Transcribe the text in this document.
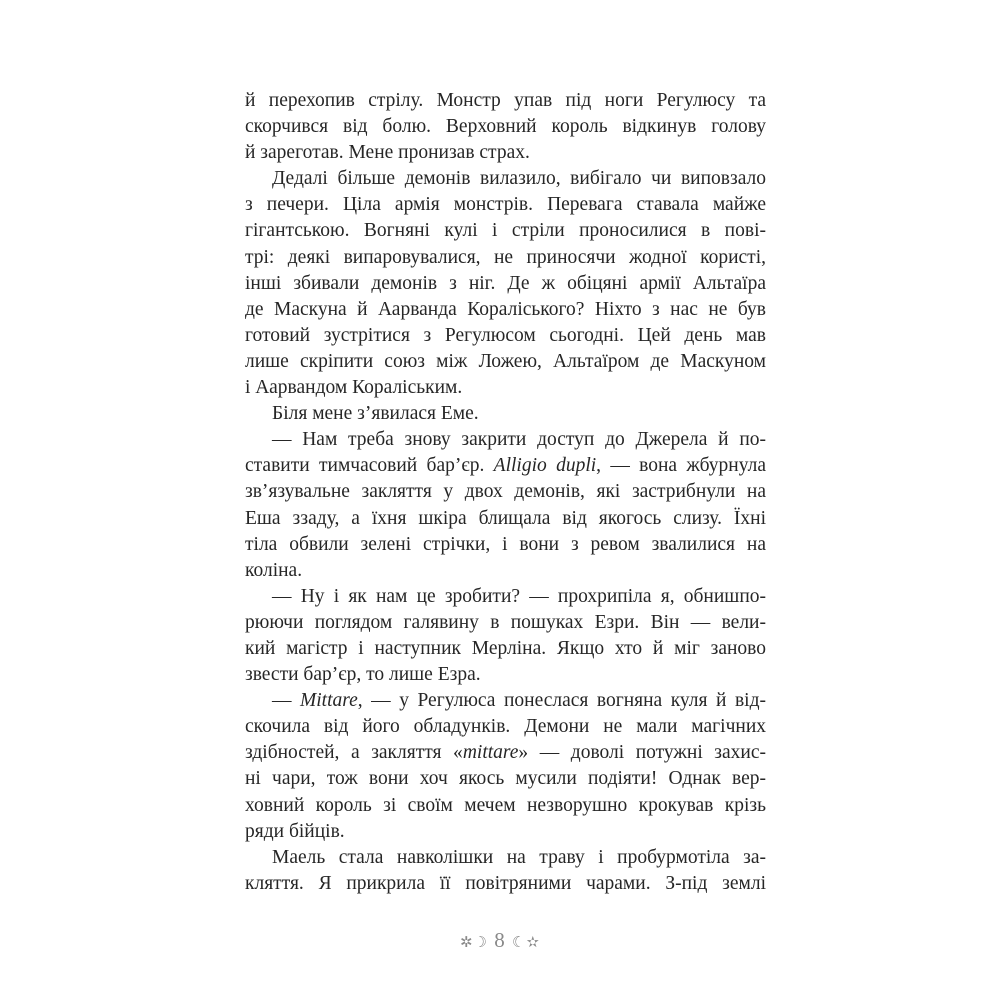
й перехопив стрілу. Монстр упав під ноги Регулюсу та
скорчився від болю. Верховний король відкинув голову
й зареготав. Мене пронизав страх.
Дедалі більше демонів вилазило, вибігало чи виповзало
з печери. Ціла армія монстрів. Перевага ставала майже
гігантською. Вогняні кулі і стріли проносилися в пові-
трі: деякі випаровувалися, не приносячи жодної користі,
інші збивали демонів з ніг. Де ж обіцяні армії Альтаїра
де Маскуна й Аарванда Коралiського? Ніхто з нас не був
готовий зустрітися з Регулюсом сьогодні. Цей день мав
лише скріпити союз між Ложею, Альтаїром де Маскуном
і Аарвандом Коралiським.
Біля мене з’явилася Еме.
— Нам треба знову закрити доступ до Джерела й по-
ставити тимчасовий бар’єр. Alligio dupli, — вона жбурнула
зв’язувальне закляття у двох демонів, які застрибнули на
Еша ззаду, а їхня шкіра блищала від якогось слизу. Їхні
тіла обвили зелені стрічки, і вони з ревом звалилися на
коліна.
— Ну і як нам це зробити? — прохрипіла я, обнишпо-
рюючи поглядом галявину в пошуках Езри. Він — вели-
кий магістр і наступник Мерліна. Якщо хто й міг заново
звести бар’єр, то лише Езра.
— Mittare, — у Регулюса понеслася вогняна куля й від-
скочила від його обладунків. Демони не мали магічних
здібностей, а закляття «mittare» — доволі потужні захис-
ні чари, тож вони хоч якось мусили подіяти! Однак вер-
ховний король зі своїм мечем незворушно крокував крізь
ряди бійців.
Маель стала навколішки на траву і пробурмотіла за-
кляття. Я прикрила її повітряними чарами. З-під землі
✲☽ 8 ☾✫
